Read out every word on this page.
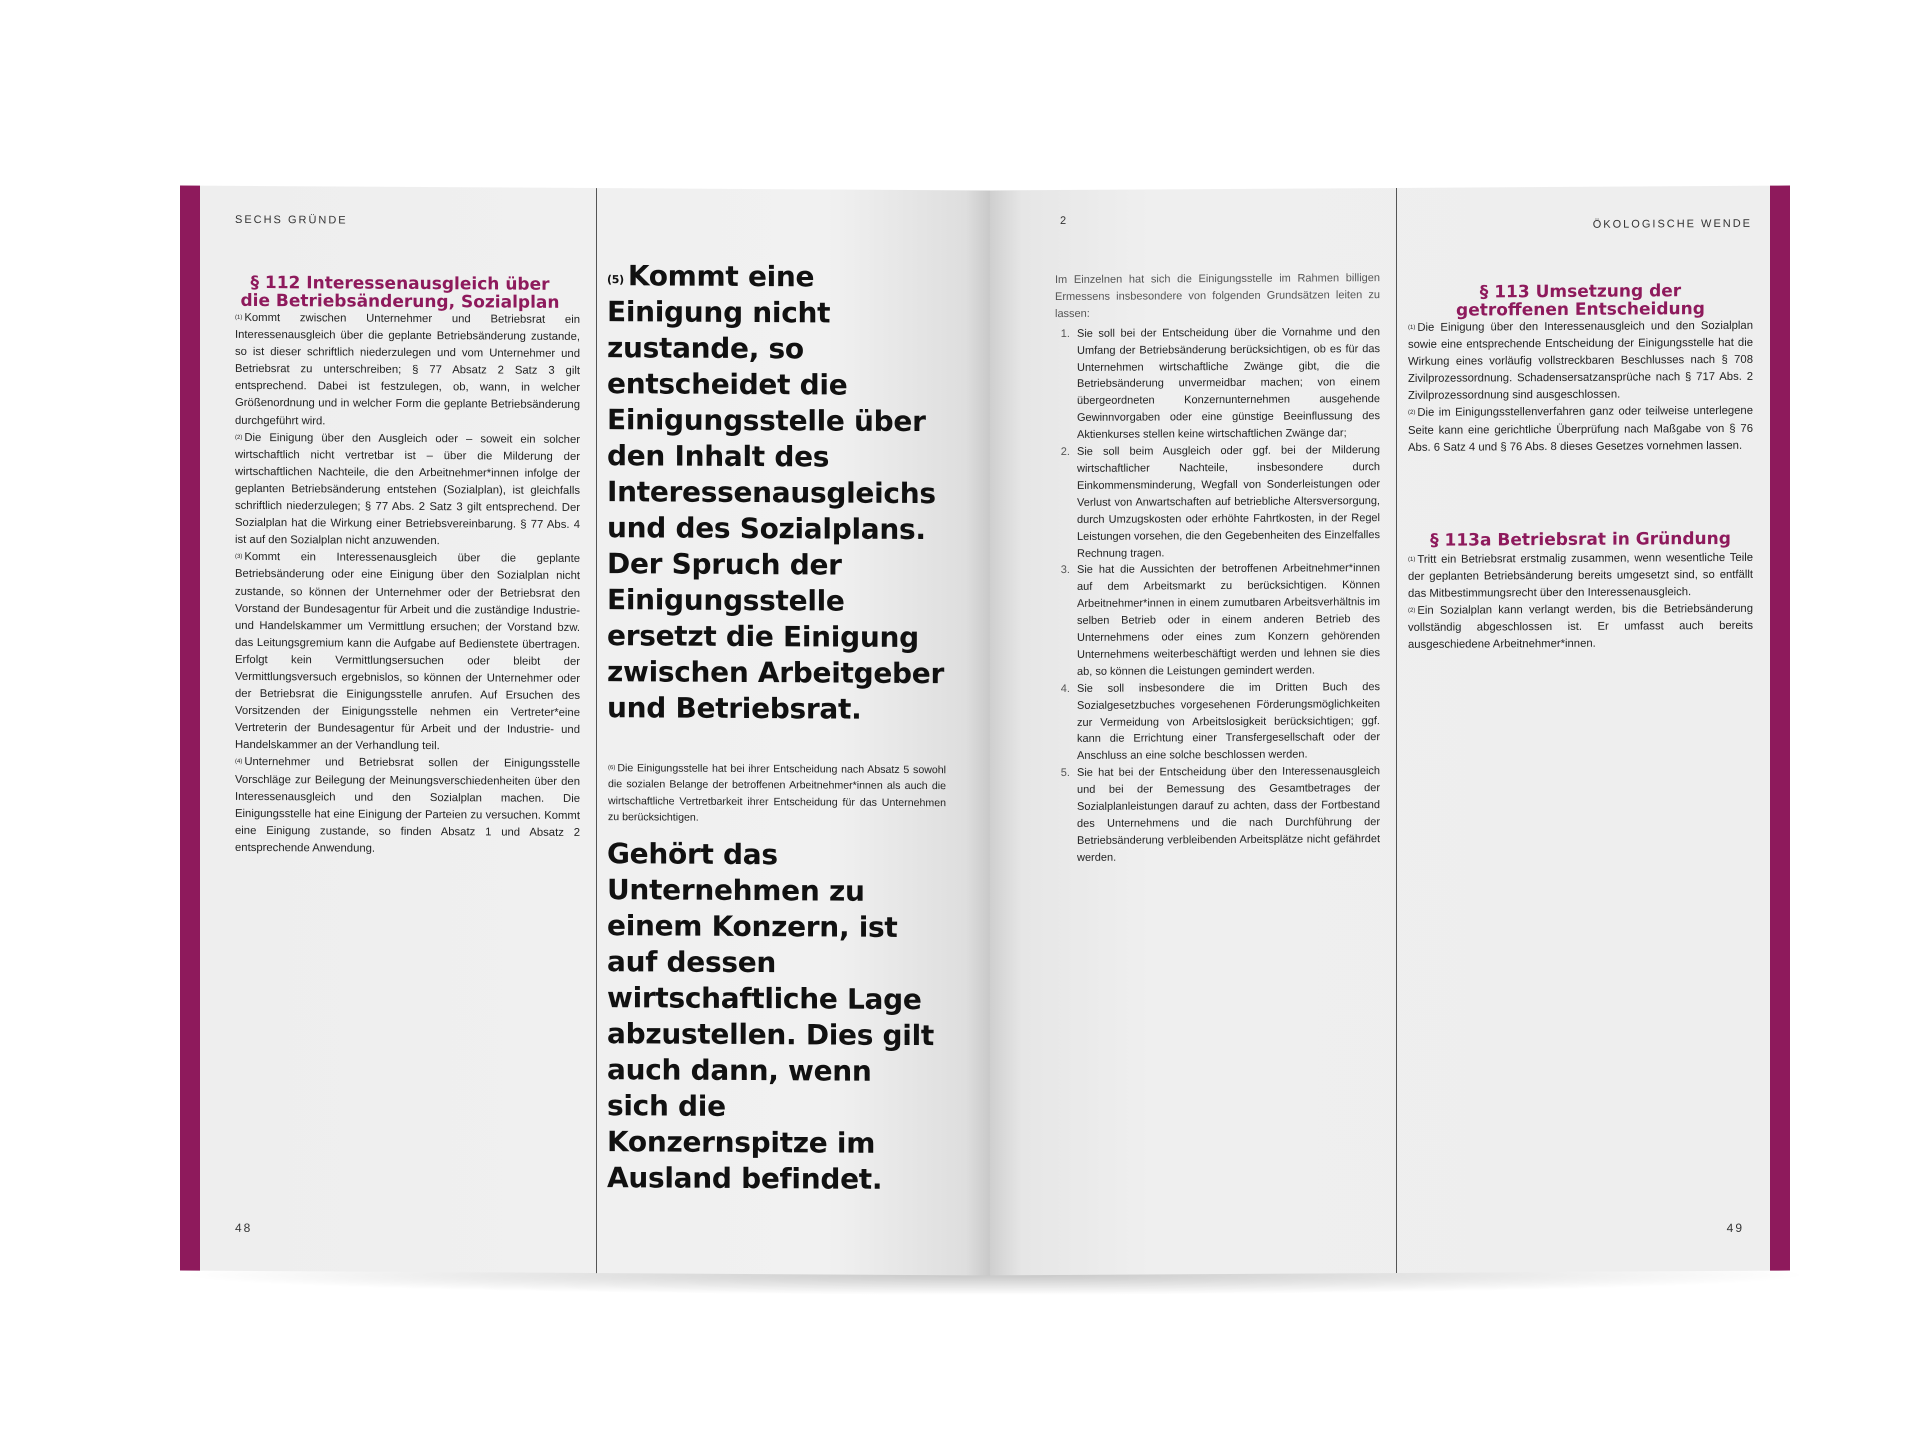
SECHS GRÜNDE
§ 112 Interessenausgleich über
die Betriebsänderung, Sozialplan

$^{(1)}$ Kommt zwischen Unternehmer und Betriebsrat ein Interessenausgleich über die geplante Betriebsänderung zustande, so ist dieser schriftlich niederzulegen und vom Unternehmer und Betriebsrat zu unterschreiben; § 77 Absatz 2 Satz 3 gilt entsprechend. Dabei ist festzulegen, ob, wann, in welcher Größenordnung und in welcher Form die geplante Betriebsänderung durchgeführt wird.

$^{(2)}$ Die Einigung über den Ausgleich oder – soweit ein solcher wirtschaftlich nicht vertretbar ist – über die Milderung der wirtschaftlichen Nachteile, die den Arbeitnehmer*innen infolge der geplanten Betriebsänderung entstehen (Sozialplan), ist gleichfalls schriftlich niederzulegen; § 77 Abs. 2 Satz 3 gilt entsprechend. Der Sozialplan hat die Wirkung einer Betriebsvereinbarung. § 77 Abs. 4 ist auf den Sozialplan nicht anzuwenden.

$^{(3)}$ Kommt ein Interessenausgleich über die geplante Betriebsänderung oder eine Einigung über den Sozialplan nicht zustande, so können der Unternehmer oder der Betriebsrat den Vorstand der Bundesagentur für Arbeit und die zuständige Industrie- und Handelskammer um Vermittlung ersuchen; der Vorstand bzw. das Leitungsgremium kann die Aufgabe auf Bedienstete übertragen. Erfolgt kein Vermittlungsersuchen oder bleibt der Vermittlungsversuch ergebnislos, so können der Unternehmer oder der Betriebsrat die Einigungsstelle anrufen. Auf Ersuchen des Vorsitzenden der Einigungsstelle nehmen ein Vertreter*eine Vertreterin der Bundesagentur für Arbeit und der Industrie- und Handelskammer an der Verhandlung teil.

$^{(4)}$ Unternehmer und Betriebsrat sollen der Einigungsstelle Vorschläge zur Beilegung der Meinungsverschiedenheiten über den Interessenausgleich und den Sozialplan machen. Die Einigungsstelle hat eine Einigung der Parteien zu versuchen. Kommt eine Einigung zustande, so finden Absatz 1 und Absatz 2 entsprechende Anwendung.

$^{(5)}$ Kommt eine Einigung nicht zustande, so entscheidet die Einigungsstelle über den Inhalt des Interessenausgleichs und des Sozialplans. Der Spruch der Einigungsstelle ersetzt die Einigung zwischen Arbeitgeber und Betriebsrat.
$^{(6)}$ Die Einigungsstelle hat bei ihrer Entscheidung nach Absatz 5 sowohl die sozialen Belange der betroffenen Arbeitnehmer*innen als auch die wirtschaftliche Vertretbarkeit ihrer Entscheidung für das Unternehmen zu berücksichtigen.
Gehört das Unternehmen zu einem Konzern, ist auf dessen wirtschaftliche Lage abzustellen. Dies gilt auch dann, wenn sich die Konzernspitze im Ausland befindet.
48
2	ÖKOLOGISCHE WENDE

Im Einzelnen hat sich die Einigungsstelle im Rahmen billigen Ermessens insbesondere von folgenden Grundsätzen leiten zu lassen:

1. Sie soll bei der Entscheidung über die Vornahme und den Umfang der Betriebsänderung berücksichtigen, ob es für das Unternehmen wirtschaftliche Zwänge gibt, die die Betriebsänderung unvermeidbar machen; von einem übergeordneten Konzernunternehmen ausgehende Gewinnvorgaben oder eine günstige Beeinflussung des Aktienkurses stellen keine wirtschaftlichen Zwänge dar;
2. Sie soll beim Ausgleich oder ggf. bei der Milderung wirtschaftlicher Nachteile, insbesondere durch Einkommensminderung, Wegfall von Sonderleistungen oder Verlust von Anwartschaften auf betriebliche Altersversorgung, durch Umzugskosten oder erhöhte Fahrtkosten, in der Regel Leistungen vorsehen, die den Gegebenheiten des Einzelfalles Rechnung tragen.
3. Sie hat die Aussichten der betroffenen Arbeitnehmer*innen auf dem Arbeitsmarkt zu berücksichtigen. Können Arbeitnehmer*innen in einem zumutbaren Arbeitsverhältnis im selben Betrieb oder in einem anderen Betrieb des Unternehmens oder eines zum Konzern gehörenden Unternehmens weiterbeschäftigt werden und lehnen sie dies ab, so können die Leistungen gemindert werden.
4. Sie soll insbesondere die im Dritten Buch des Sozialgesetzbuches vorgesehenen Förderungsmöglichkeiten zur Vermeidung von Arbeitslosigkeit berücksichtigen; ggf. kann die Errichtung einer Transfergesellschaft oder der Anschluss an eine solche beschlossen werden.
5. Sie hat bei der Entscheidung über den Interessenausgleich und bei der Bemessung des Gesamtbetrages der Sozialplanleistungen darauf zu achten, dass der Fortbestand des Unternehmens und die nach Durchführung der Betriebsänderung verbleibenden Arbeitsplätze nicht gefährdet werden.
§ 113 Umsetzung der
getroffenen Entscheidung

$^{(1)}$ Die Einigung über den Interessenausgleich und den Sozialplan sowie eine entsprechende Entscheidung der Einigungsstelle hat die Wirkung eines vorläufig vollstreckbaren Beschlusses nach § 708 Zivilprozessordnung. Schadensersatzansprüche nach § 717 Abs. 2 Zivilprozessordnung sind ausgeschlossen.

$^{(2)}$ Die im Einigungsstellenverfahren ganz oder teilweise unterlegene Seite kann eine gerichtliche Überprüfung nach Maßgabe von § 76 Abs. 6 Satz 4 und § 76 Abs. 8 dieses Gesetzes vornehmen lassen.

§ 113a Betriebsrat in Gründung

$^{(1)}$ Tritt ein Betriebsrat erstmalig zusammen, wenn wesentliche Teile der geplanten Betriebsänderung bereits umgesetzt sind, so entfällt das Mitbestimmungsrecht über den Interessenausgleich.

$^{(2)}$ Ein Sozialplan kann verlangt werden, bis die Betriebsänderung vollständig abgeschlossen ist. Er umfasst auch bereits ausgeschiedene Arbeitnehmer*innen.

49
